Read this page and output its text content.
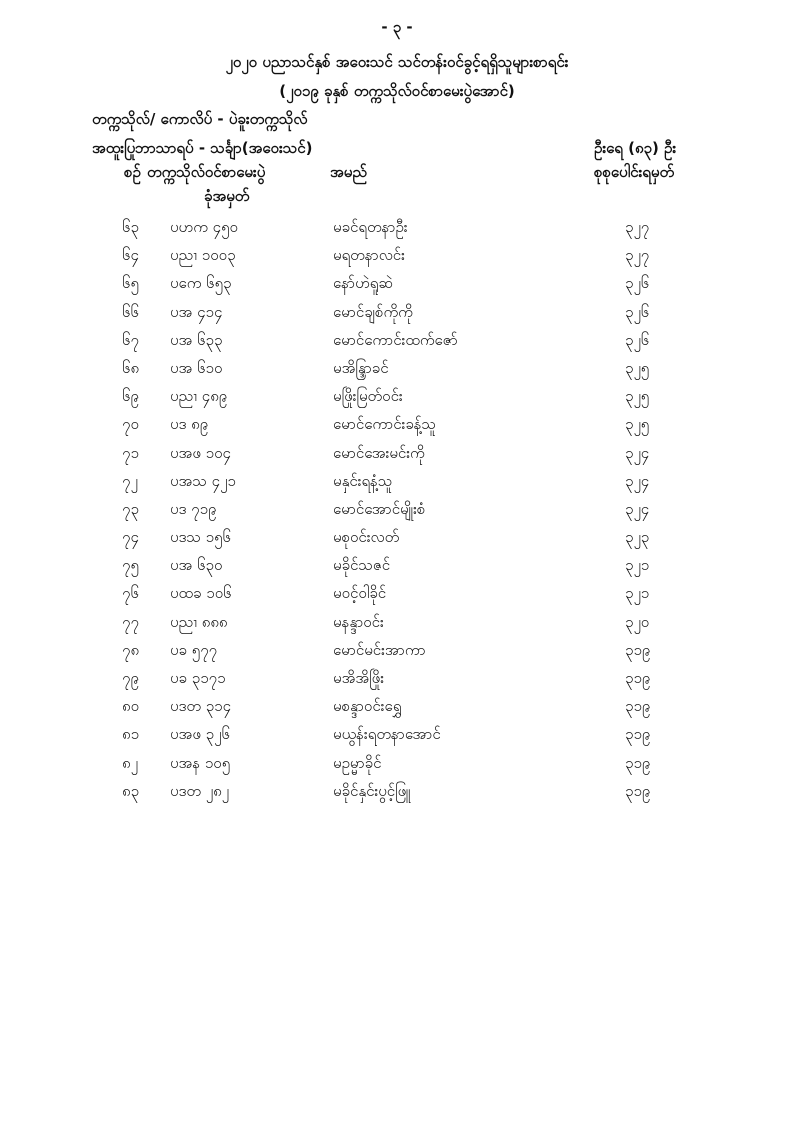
- ၃ -
၂၀၂၀ ပညာသင်နှစ် အဝေးသင် သင်တန်းဝင်ခွင့်ရရှိသူများစာရင်း
(၂၀၁၉ ခုနှစ် တက္ကသိုလ်ဝင်စာမေးပွဲအောင်)
တက္ကသိုလ်/ ကောလိပ် - ပဲခူးတက္ကသိုလ်
အထူးပြုဘာသာရပ် - သင်္ချာ(အဝေးသင်)	ဦးရေ (၈၃) ဦး
စဉ် တက္ကသိုလ်ဝင်စာမေးပွဲ
ခုံအမှတ်
အမည်	စုစုပေါင်းရမှတ်
၆၃ ပဟက ၄၅၀	မခင်ရတနာဦး	၃၂၇
၆၄ ပညၢ ၁၀၀၃	မရတနာလင်း	၃၂၇
၆၅ ပကေ ၆၅၃	နော်ဟဲရူဆဲ	၃၂၆
၆၆ ပအ ၄၁၄	မောင်ချစ်ကိုကို	၃၂၆
၆၇ ပအ ၆၃၃	မောင်ကောင်းထက်ဇော်	၃၂၆
၆၈ ပအ ၆၁၀	မအိန္ဒြာခင်	၃၂၅
၆၉ ပညၢ ၄၈၉	မဖြိုးမြတ်ဝင်း	၃၂၅
၇၀ ပဒ ၈၉	မောင်ကောင်းခန့်သူ	၃၂၅
၇၁ ပအဖ ၁၀၄	မောင်အေးမင်းကို	၃၂၄
၇၂ ပအသ ၄၂၁	မနှင်းရနံ့သူ	၃၂၄
၇၃ ပဒ ၇၁၉	မောင်အောင်မျိုးစံ	၃၂၄
၇၄ ပဒသ ၁၅၆	မစုဝင်းလတ်	၃၂၃
၇၅ ပအ ၆၃၀	မခိုင်သဇင်	၃၂၁
၇၆ ပထခ ၁၀၆	မဝင့်ဝါခိုင်	၃၂၁
၇၇ ပညၢ ၈၈၈	မနန္ဒာဝင်း	၃၂၀
၇၈ ပခ ၅၇၇	မောင်မင်းအာကာ	၃၁၉
၇၉ ပခ ၃၁၇၁	မအိအိဖြိုး	၃၁၉
၈၀ ပဒတ ၃၁၄	မစန္ဒာဝင်းရွှေ	၃၁၉
၈၁ ပအဖ ၃၂၆	မယွန်းရတနာအောင်	၃၁၉
၈၂ ပအန ၁၀၅	မဥမ္မာခိုင်	၃၁၉
၈၃ ပဒတ ၂၈၂	မခိုင်နှင်းပွင့်ဖြူ	၃၁၉
